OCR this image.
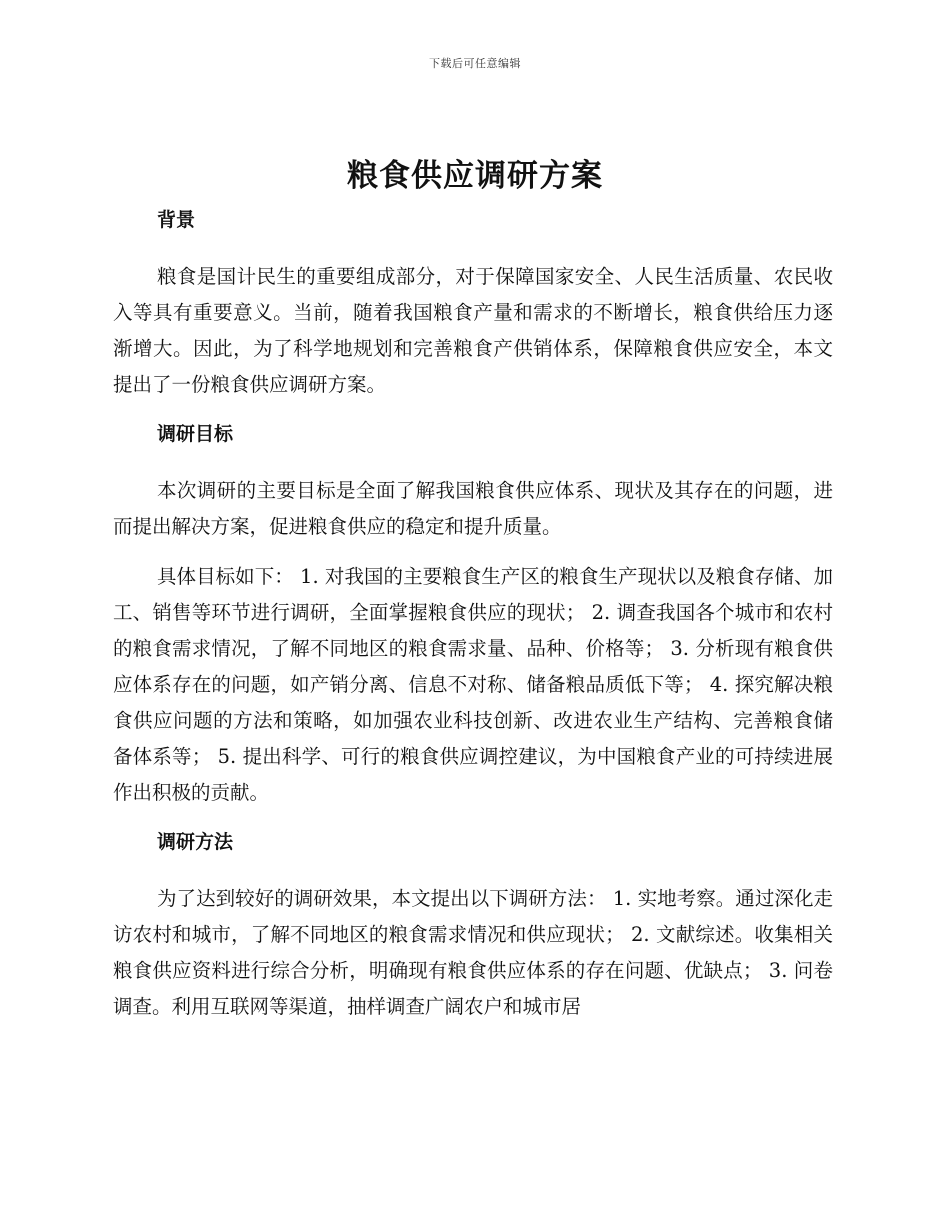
下载后可任意编辑
粮食供应调研方案
背景

粮食是国计民生的重要组成部分，对于保障国家安全、人民生活质量、农民收入等具有重要意义。当前，随着我国粮食产量和需求的不断增长，粮食供给压力逐渐增大。因此，为了科学地规划和完善粮食产供销体系，保障粮食供应安全，本文提出了一份粮食供应调研方案。

调研目标

本次调研的主要目标是全面了解我国粮食供应体系、现状及其存在的问题，进而提出解决方案，促进粮食供应的稳定和提升质量。

具体目标如下： 1. 对我国的主要粮食生产区的粮食生产现状以及粮食存储、加工、销售等环节进行调研，全面掌握粮食供应的现状； 2. 调查我国各个城市和农村的粮食需求情况，了解不同地区的粮食需求量、品种、价格等； 3. 分析现有粮食供应体系存在的问题，如产销分离、信息不对称、储备粮品质低下等； 4. 探究解决粮食供应问题的方法和策略，如加强农业科技创新、改进农业生产结构、完善粮食储备体系等； 5. 提出科学、可行的粮食供应调控建议，为中国粮食产业的可持续进展作出积极的贡献。

调研方法

为了达到较好的调研效果，本文提出以下调研方法： 1. 实地考察。通过深化走访农村和城市，了解不同地区的粮食需求情况和供应现状； 2. 文献综述。收集相关粮食供应资料进行综合分析，明确现有粮食供应体系的存在问题、优缺点； 3. 问卷调查。利用互联网等渠道，抽样调查广阔农户和城市居
